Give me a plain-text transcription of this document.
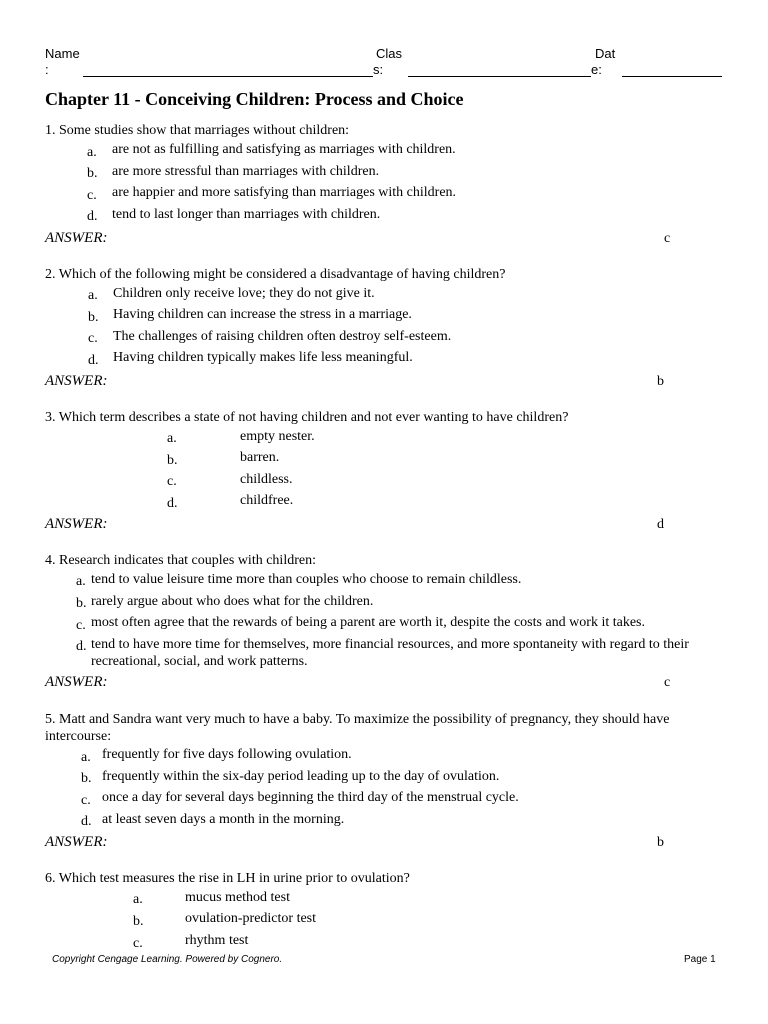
Name
:
Clas
s:
Dat
e:
Chapter 11 - Conceiving Children: Process and Choice
1. Some studies show that marriages without children:
a. are not as fulfilling and satisfying as marriages with children.
b. are more stressful than marriages with children.
c. are happier and more satisfying than marriages with children.
d. tend to last longer than marriages with children.
ANSWER:	c
2. Which of the following might be considered a disadvantage of having children?
a. Children only receive love; they do not give it.
b. Having children can increase the stress in a marriage.
c. The challenges of raising children often destroy self-esteem.
d. Having children typically makes life less meaningful.
ANSWER:	b
3. Which term describes a state of not having children and not ever wanting to have children?
a.	empty nester.
b.	barren.
c.	childless.
d.	childfree.
ANSWER:	d
4. Research indicates that couples with children:
a. tend to value leisure time more than couples who choose to remain childless.
b. rarely argue about who does what for the children.
c. most often agree that the rewards of being a parent are worth it, despite the costs and work it takes.
d. tend to have more time for themselves, more financial resources, and more spontaneity with regard to their
recreational, social, and work patterns.
ANSWER:	c
5. Matt and Sandra want very much to have a baby. To maximize the possibility of pregnancy, they should have
intercourse:
a. frequently for five days following ovulation.
b. frequently within the six-day period leading up to the day of ovulation.
c. once a day for several days beginning the third day of the menstrual cycle.
d. at least seven days a month in the morning.
ANSWER:	b
6. Which test measures the rise in LH in urine prior to ovulation?
a.	mucus method test
b.	ovulation-predictor test
c.	rhythm test
Copyright Cengage Learning. Powered by Cognero.	Page 1
